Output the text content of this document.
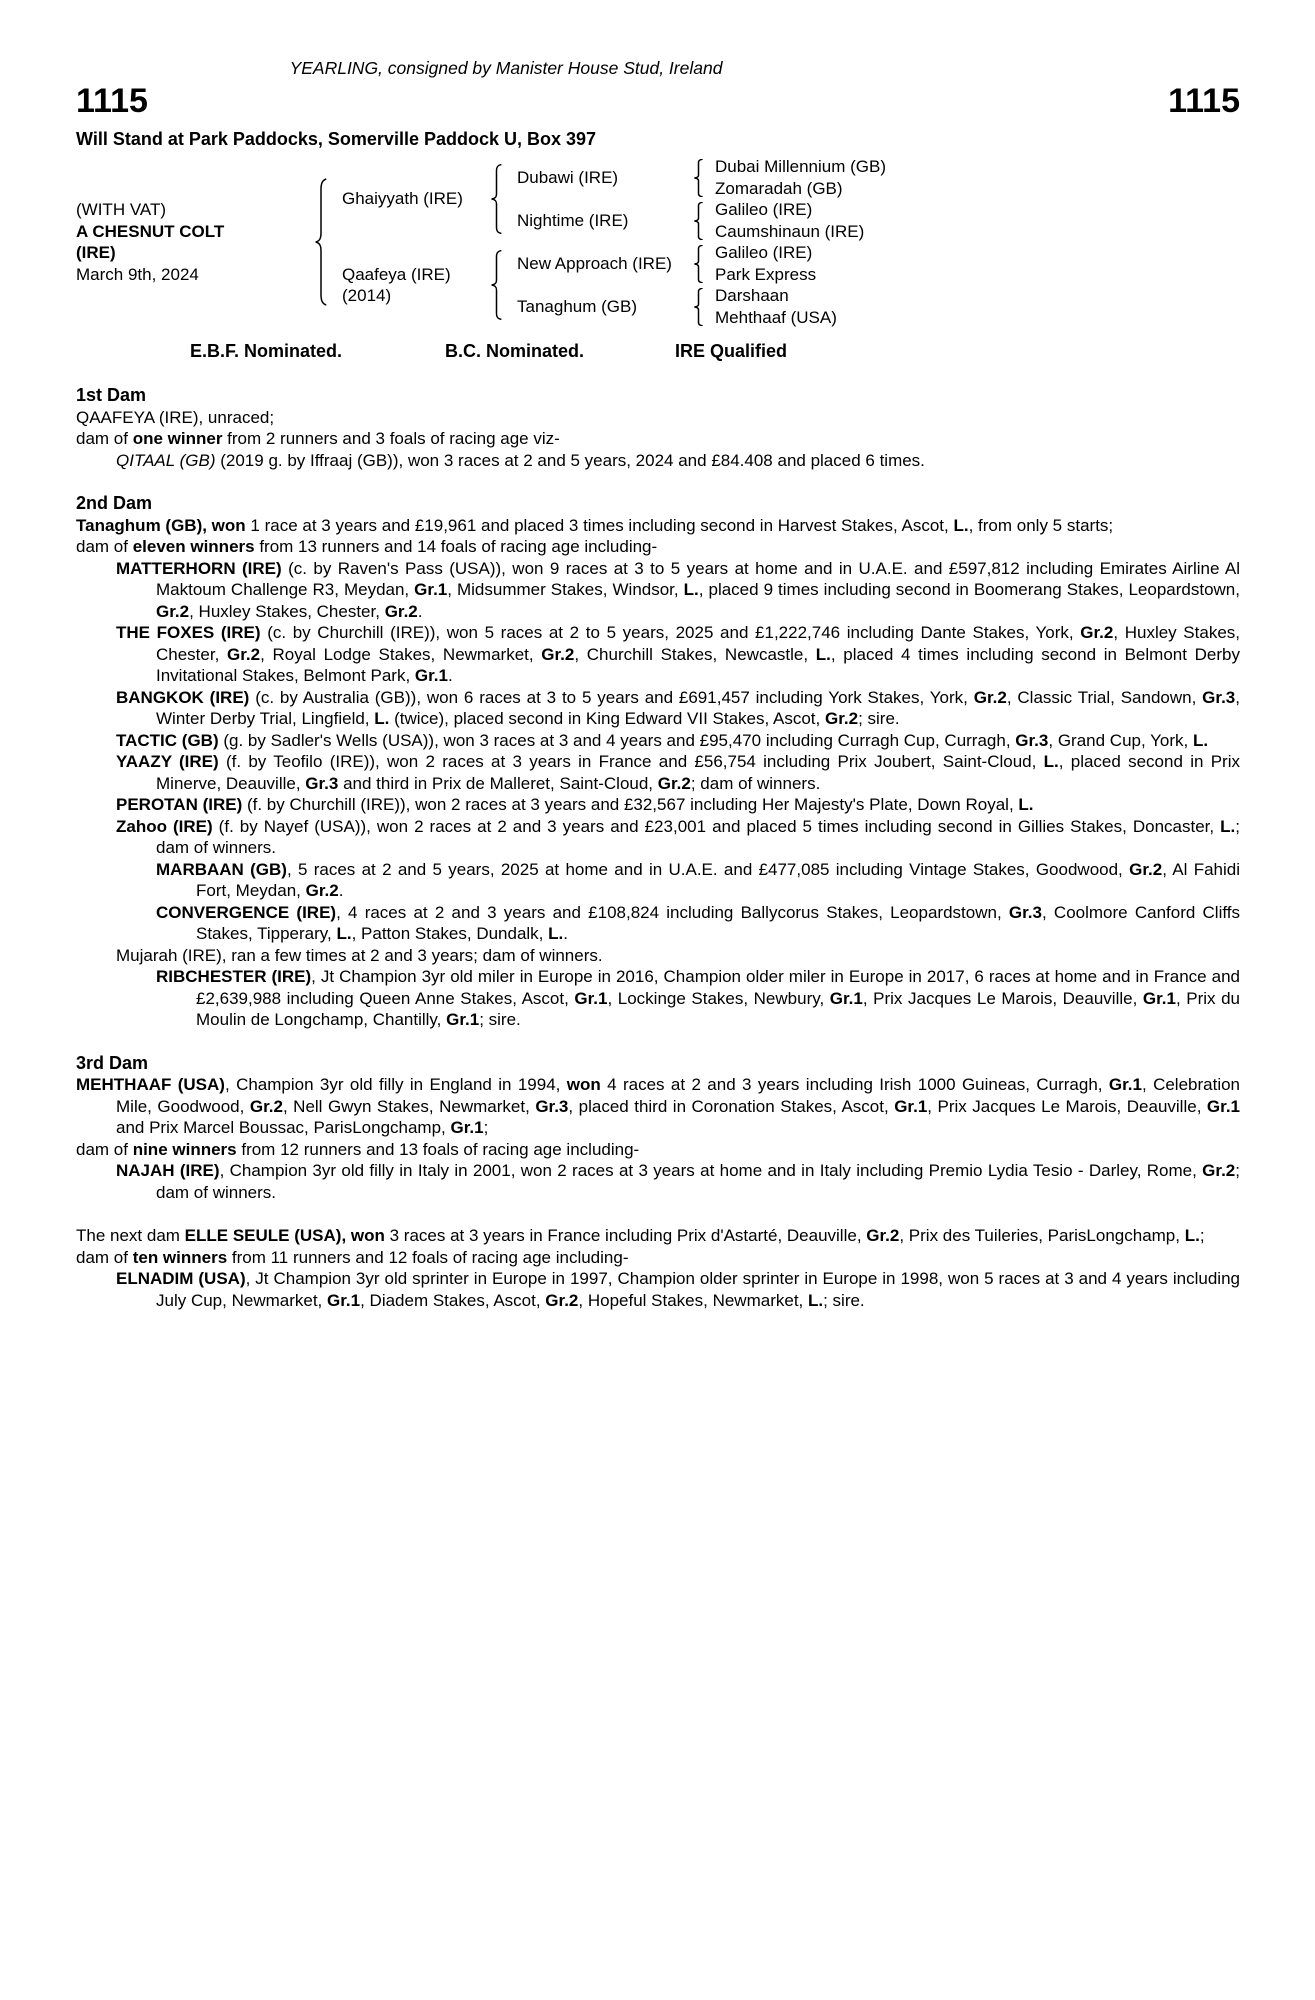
YEARLING, consigned by Manister House Stud, Ireland
1115	1115
Will Stand at Park Paddocks, Somerville Paddock U, Box 397
(WITH VAT)
A CHESNUT COLT
(IRE)
March 9th, 2024
Ghaiyyath (IRE)
Dubawi (IRE)
Dubai Millennium (GB)
Zomaradah (GB)
Nightime (IRE)
Galileo (IRE)
Caumshinaun (IRE)
Qaafeya (IRE)
(2014)
New Approach (IRE)
Galileo (IRE)
Park Express
Tanaghum (GB)
Darshaan
Mehthaaf (USA)
E.B.F. Nominated.	B.C. Nominated.	IRE Qualified
1st Dam

QAAFEYA (IRE), unraced;

dam of one winner from 2 runners and 3 foals of racing age viz-

QITAAL (GB) (2019 g. by Iffraaj (GB)), won 3 races at 2 and 5 years, 2024 and £84.408 and placed 6 times.

2nd Dam

Tanaghum (GB), won 1 race at 3 years and £19,961 and placed 3 times including second in Harvest Stakes, Ascot, L., from only 5 starts;

dam of eleven winners from 13 runners and 14 foals of racing age including-

MATTERHORN (IRE) (c. by Raven's Pass (USA)), won 9 races at 3 to 5 years at home and in U.A.E. and £597,812 including Emirates Airline Al Maktoum Challenge R3, Meydan, Gr.1, Midsummer Stakes, Windsor, L., placed 9 times including second in Boomerang Stakes, Leopardstown, Gr.2, Huxley Stakes, Chester, Gr.2.

THE FOXES (IRE) (c. by Churchill (IRE)), won 5 races at 2 to 5 years, 2025 and £1,222,746 including Dante Stakes, York, Gr.2, Huxley Stakes, Chester, Gr.2, Royal Lodge Stakes, Newmarket, Gr.2, Churchill Stakes, Newcastle, L., placed 4 times including second in Belmont Derby Invitational Stakes, Belmont Park, Gr.1.

BANGKOK (IRE) (c. by Australia (GB)), won 6 races at 3 to 5 years and £691,457 including York Stakes, York, Gr.2, Classic Trial, Sandown, Gr.3, Winter Derby Trial, Lingfield, L. (twice), placed second in King Edward VII Stakes, Ascot, Gr.2; sire.

TACTIC (GB) (g. by Sadler's Wells (USA)), won 3 races at 3 and 4 years and £95,470 including Curragh Cup, Curragh, Gr.3, Grand Cup, York, L.

YAAZY (IRE) (f. by Teofilo (IRE)), won 2 races at 3 years in France and £56,754 including Prix Joubert, Saint-Cloud, L., placed second in Prix Minerve, Deauville, Gr.3 and third in Prix de Malleret, Saint-Cloud, Gr.2; dam of winners.

PEROTAN (IRE) (f. by Churchill (IRE)), won 2 races at 3 years and £32,567 including Her Majesty's Plate, Down Royal, L.

Zahoo (IRE) (f. by Nayef (USA)), won 2 races at 2 and 3 years and £23,001 and placed 5 times including second in Gillies Stakes, Doncaster, L.; dam of winners.

MARBAAN (GB), 5 races at 2 and 5 years, 2025 at home and in U.A.E. and £477,085 including Vintage Stakes, Goodwood, Gr.2, Al Fahidi Fort, Meydan, Gr.2.

CONVERGENCE (IRE), 4 races at 2 and 3 years and £108,824 including Ballycorus Stakes, Leopardstown, Gr.3, Coolmore Canford Cliffs Stakes, Tipperary, L., Patton Stakes, Dundalk, L..

Mujarah (IRE), ran a few times at 2 and 3 years; dam of winners.

RIBCHESTER (IRE), Jt Champion 3yr old miler in Europe in 2016, Champion older miler in Europe in 2017, 6 races at home and in France and £2,639,988 including Queen Anne Stakes, Ascot, Gr.1, Lockinge Stakes, Newbury, Gr.1, Prix Jacques Le Marois, Deauville, Gr.1, Prix du Moulin de Longchamp, Chantilly, Gr.1; sire.

3rd Dam

MEHTHAAF (USA), Champion 3yr old filly in England in 1994, won 4 races at 2 and 3 years including Irish 1000 Guineas, Curragh, Gr.1, Celebration Mile, Goodwood, Gr.2, Nell Gwyn Stakes, Newmarket, Gr.3, placed third in Coronation Stakes, Ascot, Gr.1, Prix Jacques Le Marois, Deauville, Gr.1 and Prix Marcel Boussac, ParisLongchamp, Gr.1;

dam of nine winners from 12 runners and 13 foals of racing age including-

NAJAH (IRE), Champion 3yr old filly in Italy in 2001, won 2 races at 3 years at home and in Italy including Premio Lydia Tesio - Darley, Rome, Gr.2; dam of winners.

The next dam ELLE SEULE (USA), won 3 races at 3 years in France including Prix d'Astarté, Deauville, Gr.2, Prix des Tuileries, ParisLongchamp, L.;

dam of ten winners from 11 runners and 12 foals of racing age including-

ELNADIM (USA), Jt Champion 3yr old sprinter in Europe in 1997, Champion older sprinter in Europe in 1998, won 5 races at 3 and 4 years including July Cup, Newmarket, Gr.1, Diadem Stakes, Ascot, Gr.2, Hopeful Stakes, Newmarket, L.; sire.
